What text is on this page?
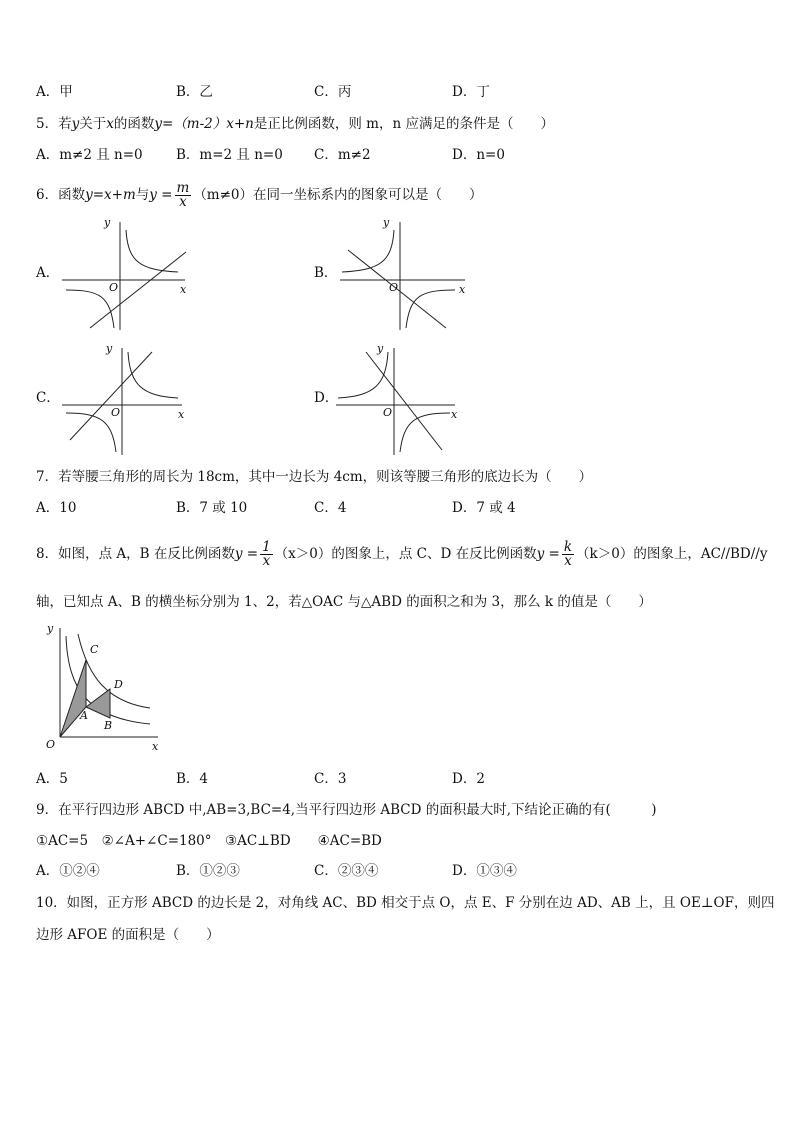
A．甲	B．乙	C．丙	D．丁
5．若y关于x的函数y=（m-2）x+n是正比例函数，则 m，n 应满足的条件是（　　）
A．m≠2 且 n=0 B．m=2 且 n=0 C．m≠2	D．n=0
6．函数y=x+m与$y = \frac{m}{x} (m\ne 0)$在同一坐标系内的图象可以是（　　）
A．	B．
C．	D．
y
x
O
y
x
O
y
x
O
y
x
O
7．若等腰三角形的周长为 18cm，其中一边长为 4cm，则该等腰三角形的底边长为（　　）
A．10	B．7 或 10	C．4	D．7 或 4
8．如图，点 A，B 在反比例函数$y = \frac{1}{x} (x>0)$的图象上，点 C、D 在反比例函数$y = \frac{k}{x} (k>0)$的图象上，AC//BD//y
轴，已知点 A、B 的横坐标分别为 1、2，若△OAC 与△ABD 的面积之和为 3，那么 k 的值是（　　）
y
x
O
C
D
A
B
A．5	B．4	C．3	D．2
9．在平行四边形 ABCD 中,AB=3,BC=4,当平行四边形 ABCD 的面积最大时,下结论正确的有(　　　)
①AC=5　②∠A+∠C=180°　③AC⊥BD　　④AC=BD
A．①②④	B．①②③	C．②③④	D．①③④
10．如图，正方形 ABCD 的边长是 2，对角线 AC、BD 相交于点 O，点 E、F 分别在边 AD、AB 上，且 OE⊥OF，则四
边形 AFOE 的面积是（　　）
